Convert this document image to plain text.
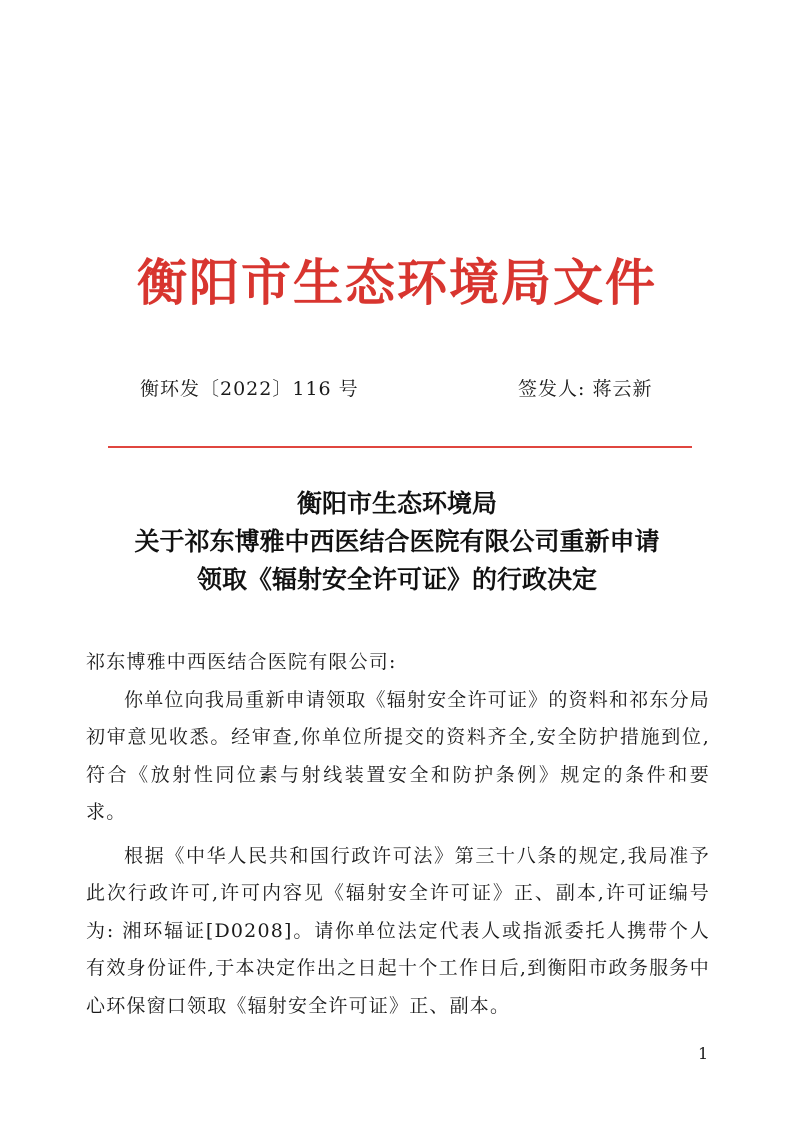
衡阳市生态环境局文件
衡环发〔2022〕116 号	签发人: 蒋云新
衡阳市生态环境局
关于祁东博雅中西医结合医院有限公司重新申请
领取《辐射安全许可证》的行政决定
祁东博雅中西医结合医院有限公司:

你单位向我局重新申请领取《辐射安全许可证》的资料和祁东分局初审意见收悉。经审查,你单位所提交的资料齐全,安全防护措施到位,符合《放射性同位素与射线装置安全和防护条例》规定的条件和要求。

根据《中华人民共和国行政许可法》第三十八条的规定,我局准予此次行政许可,许可内容见《辐射安全许可证》正、副本,许可证编号为: 湘环辐证[D0208]。请你单位法定代表人或指派委托人携带个人有效身份证件,于本决定作出之日起十个工作日后,到衡阳市政务服务中心环保窗口领取《辐射安全许可证》正、副本。

1
